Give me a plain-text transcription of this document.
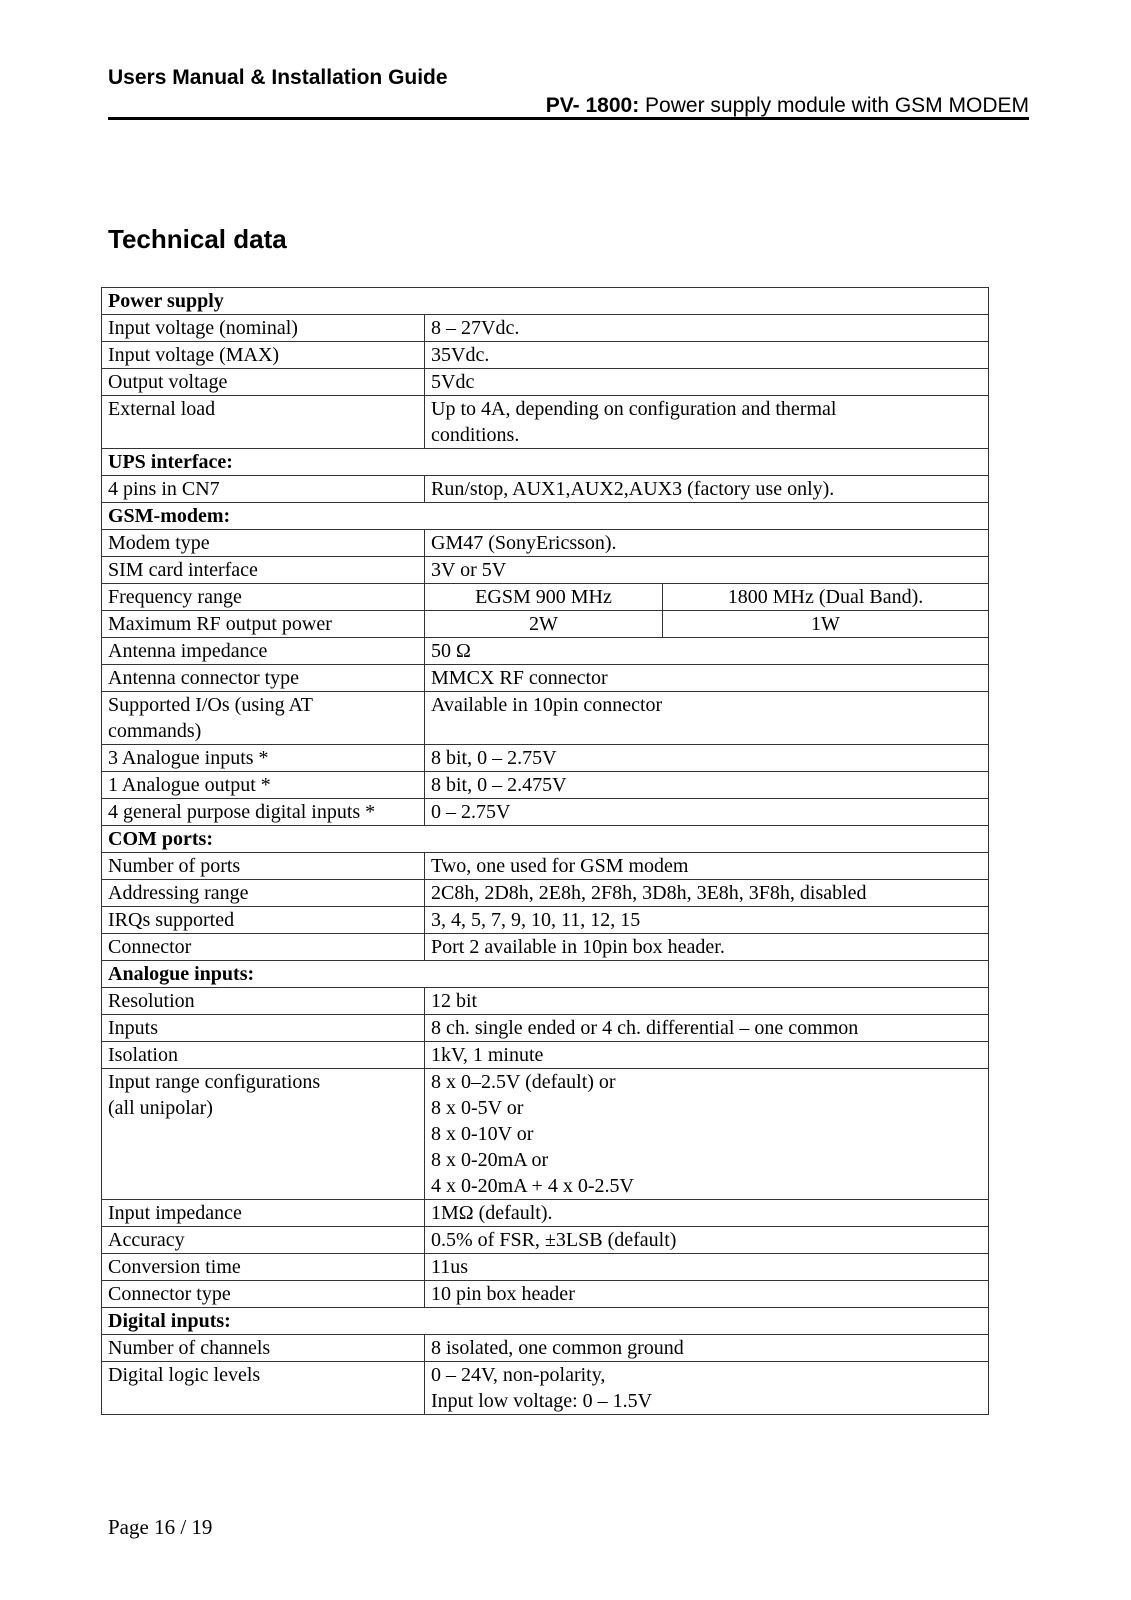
Users Manual & Installation Guide
PV- 1800: Power supply module with GSM MODEM
Technical data
Power supply		
Input voltage (nominal)	8 – 27Vdc.	
Input voltage (MAX)	35Vdc.	
Output voltage	5Vdc	
External load	Up to 4A, depending on configuration and thermal
conditions.	
UPS interface:		
4 pins in CN7	Run/stop, AUX1,AUX2,AUX3 (factory use only).	
GSM-modem:		
Modem type	GM47 (SonyEricsson).	
SIM card interface	3V or 5V	
Frequency range	EGSM 900 MHz	1800 MHz (Dual Band).
Maximum RF output power	2W	1W
Antenna impedance	50 Ω	
Antenna connector type	MMCX RF connector	
Supported I/Os (using AT
commands)	Available in 10pin connector	
3 Analogue inputs *	8 bit, 0 – 2.75V	
1 Analogue output *	8 bit, 0 – 2.475V	
4 general purpose digital inputs *	0 – 2.75V	
COM ports:		
Number of ports	Two, one used for GSM modem	
Addressing range	2C8h, 2D8h, 2E8h, 2F8h, 3D8h, 3E8h, 3F8h, disabled	
IRQs supported	3, 4, 5, 7, 9, 10, 11, 12, 15	
Connector	Port 2 available in 10pin box header.	
Analogue inputs:		
Resolution	12 bit	
Inputs	8 ch. single ended or 4 ch. differential – one common	
Isolation	1kV, 1 minute	
Input range configurations
(all unipolar)	8 x 0–2.5V (default) or
8 x 0-5V or
8 x 0-10V or
8 x 0-20mA or
4 x 0-20mA + 4 x 0-2.5V	
Input impedance	1MΩ (default).	
Accuracy	0.5% of FSR, ±3LSB (default)	
Conversion time	11us	
Connector type	10 pin box header	
Digital inputs:		
Number of channels	8 isolated, one common ground	
Digital logic levels	0 – 24V, non-polarity,
Input low voltage: 0 – 1.5V	
Page 16 / 19
